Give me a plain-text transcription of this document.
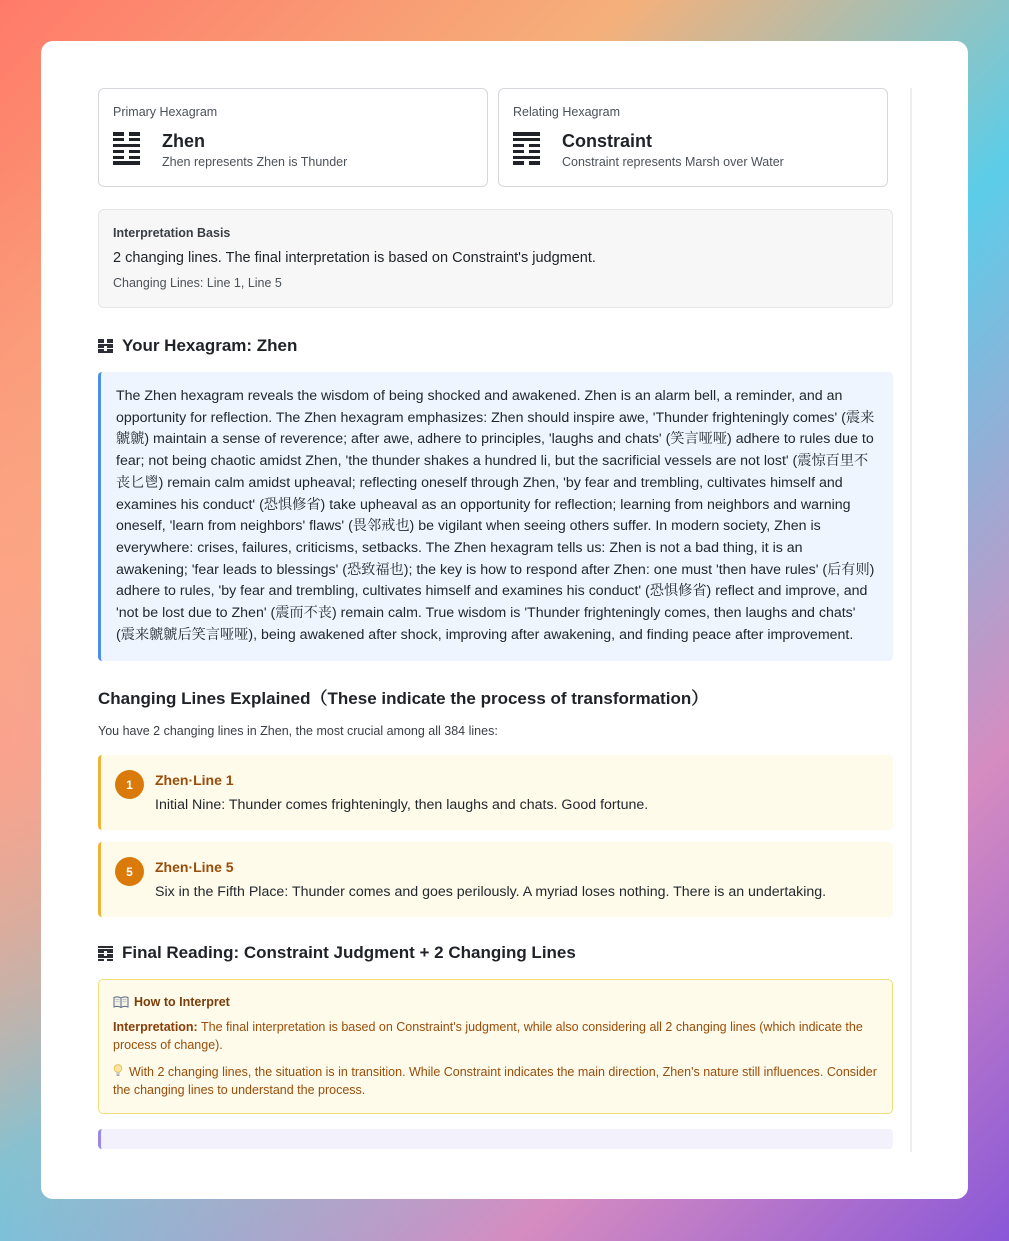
Primary Hexagram
Zhen
Zhen represents Zhen is Thunder
Relating Hexagram
Constraint
Constraint represents Marsh over Water
Interpretation Basis
2 changing lines. The final interpretation is based on Constraint's judgment.
Changing Lines: Line 1, Line 5
Your Hexagram: Zhen
The Zhen hexagram reveals the wisdom of being shocked and awakened. Zhen is an alarm bell, a reminder, and an opportunity for reflection. The Zhen hexagram emphasizes: Zhen should inspire awe, 'Thunder frighteningly comes' (震来虩虩) maintain a sense of reverence; after awe, adhere to principles, 'laughs and chats' (笑言哑哑) adhere to rules due to fear; not being chaotic amidst Zhen, 'the thunder shakes a hundred li, but the sacrificial vessels are not lost' (震惊百里不丧匕鬯) remain calm amidst upheaval; reflecting oneself through Zhen, 'by fear and trembling, cultivates himself and examines his conduct' (恐惧修省) take upheaval as an opportunity for reflection; learning from neighbors and warning oneself, 'learn from neighbors' flaws' (畏邻戒也) be vigilant when seeing others suffer. In modern society, Zhen is everywhere: crises, failures, criticisms, setbacks. The Zhen hexagram tells us: Zhen is not a bad thing, it is an awakening; 'fear leads to blessings' (恐致福也); the key is how to respond after Zhen: one must 'then have rules' (后有则) adhere to rules, 'by fear and trembling, cultivates himself and examines his conduct' (恐惧修省) reflect and improve, and 'not be lost due to Zhen' (震而不丧) remain calm. True wisdom is 'Thunder frighteningly comes, then laughs and chats' (震来虩虩后笑言哑哑), being awakened after shock, improving after awakening, and finding peace after improvement.
Changing Lines Explained（These indicate the process of transformation）
You have 2 changing lines in Zhen, the most crucial among all 384 lines:
1	Zhen·Line 1
Initial Nine: Thunder comes frighteningly, then laughs and chats. Good fortune.
5	Zhen·Line 5
Six in the Fifth Place: Thunder comes and goes perilously. A myriad loses nothing. There is an undertaking.
Final Reading: Constraint Judgment + 2 Changing Lines
How to Interpret
Interpretation: The final interpretation is based on Constraint's judgment, while also considering all 2 changing lines (which indicate the process of change).
With 2 changing lines, the situation is in transition. While Constraint indicates the main direction, Zhen's nature still influences. Consider the changing lines to understand the process.
